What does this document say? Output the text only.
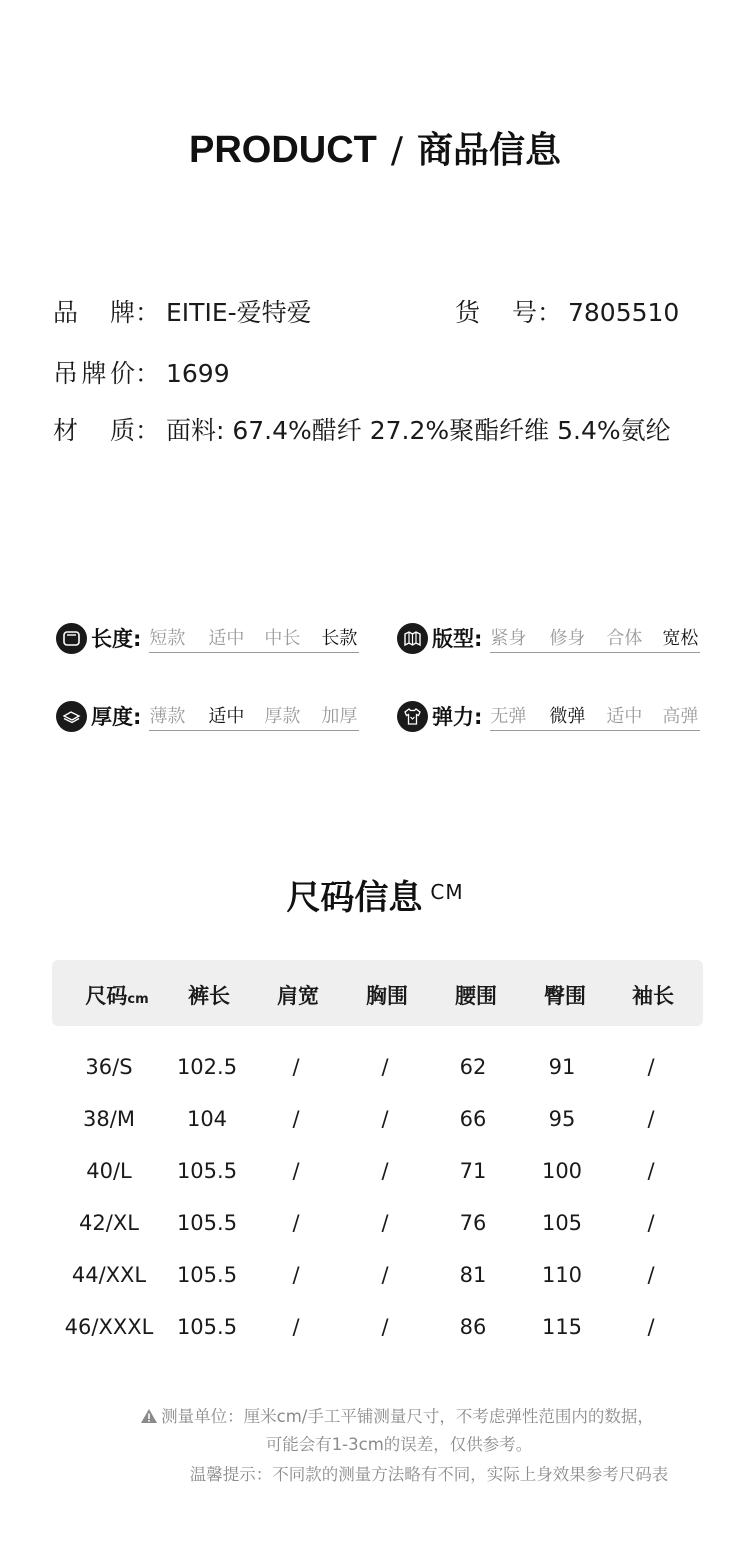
PRODUCT / 商品信息
品牌： EITIE-爱特爱	货号： 7805510
吊牌价： 1699
材质： 面料: 67.4%醋纤 27.2%聚酯纤维 5.4%氨纶
长度: 短款	适中	中长	长款	版型: 紧身	修身	合体	宽松
厚度: 薄款	适中	厚款	加厚	弹力: 无弹	微弹	适中	高弹
尺码信息 CM
尺码cm	裤长	肩宽	胸围	腰围	臀围	袖长
36/S	102.5	/	/	62	91	/
38/M	104	/	/	66	95	/
40/L	105.5	/	/	71	100	/
42/XL	105.5	/	/	76	105	/
44/XXL	105.5	/	/	81	110	/
46/XXXL	105.5	/	/	86	115	/
测量单位：厘米cm/手工平铺测量尺寸，不考虑弹性范围内的数据，
可能会有1-3cm的误差，仅供参考。
温馨提示：不同款的测量方法略有不同，实际上身效果参考尺码表
